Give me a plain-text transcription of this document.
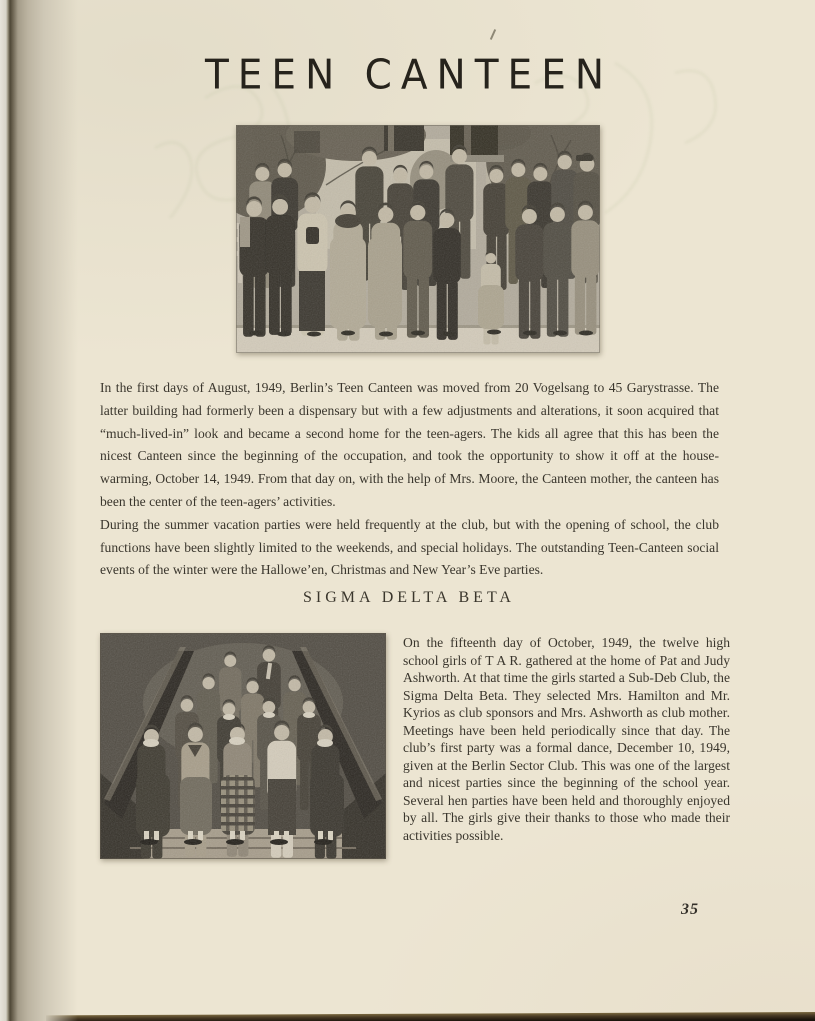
TEEN CANTEEN

In the first days of August, 1949, Berlin’s Teen Canteen was moved from 20 Vogelsang to 45 Garystrasse. The latter building had formerly been a dispensary but with a few adjustments and alterations, it soon acquired that “much-lived-in” look and became a second home for the teen-agers. The kids all agree that this has been the nicest Canteen since the beginning of the occupation, and took the opportunity to show it off at the house-warming, October 14, 1949. From that day on, with the help of Mrs. Moore, the Canteen mother, the canteen has been the center of the teen-agers’ activities.

During the summer vacation parties were held frequently at the club, but with the opening of school, the club functions have been slightly limited to the weekends, and special holidays. The outstanding Teen-Canteen social events of the winter were the Hallowe’en, Christmas and New Year’s Eve parties.

SIGMA DELTA BETA

On the fifteenth day of October, 1949, the twelve high school girls of T A R. gathered at the home of Pat and Judy Ashworth. At that time the girls started a Sub-Deb Club, the Sigma Delta Beta. They selected Mrs. Hamilton and Mr. Kyrios as club sponsors and Mrs. Ashworth as club mother. Meetings have been held periodically since that day. The club’s first party was a formal dance, December 10, 1949, given at the Berlin Sector Club. This was one of the largest and nicest parties since the beginning of the school year. Several hen parties have been held and thoroughly enjoyed by all. The girls give their thanks to those who made their activities possible.

35
